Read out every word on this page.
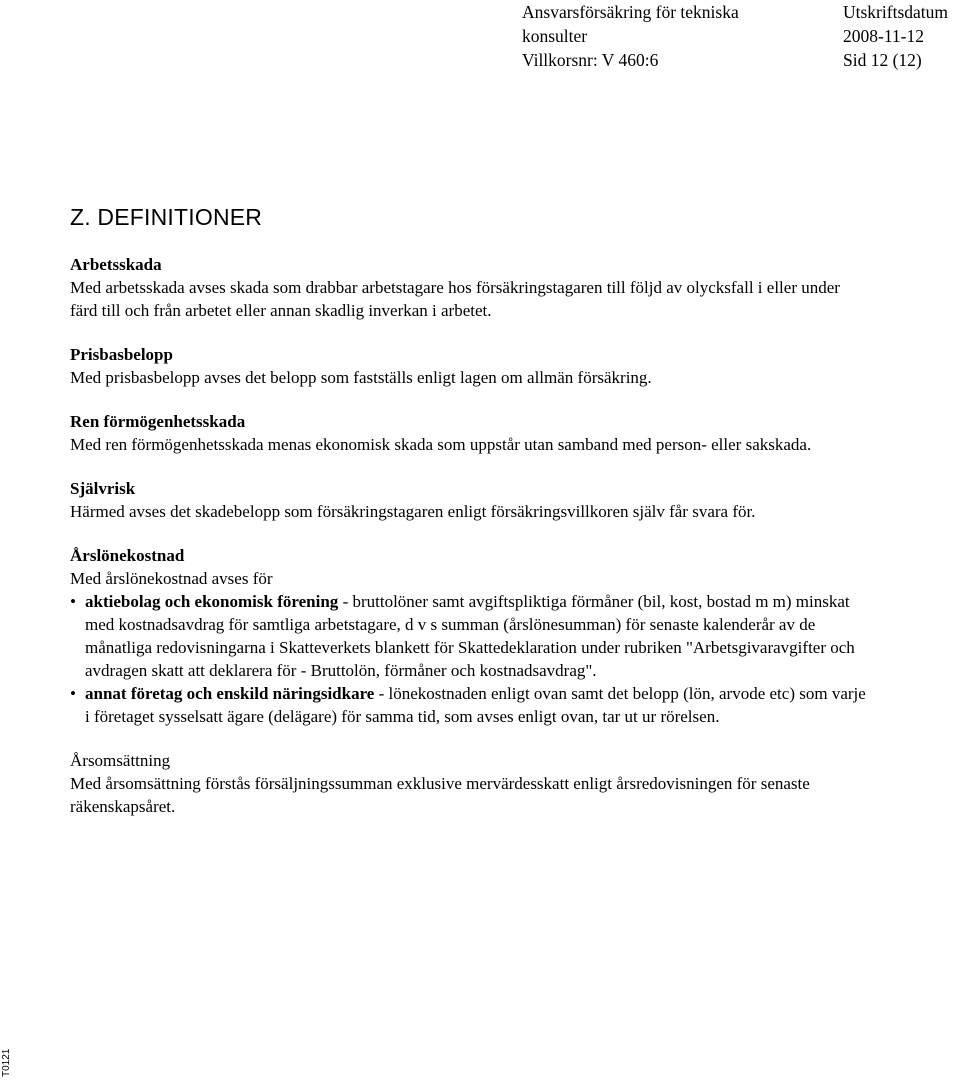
Ansvarsförsäkring för tekniska
konsulter
Villkorsnr: V 460:6
Utskriftsdatum
2008-11-12
Sid 12 (12)
Z. DEFINITIONER
Arbetsskada
Med arbetsskada avses skada som drabbar arbetstagare hos försäkringstagaren till följd av olycksfall i eller under färd till och från arbetet eller annan skadlig inverkan i arbetet.
Prisbasbelopp
Med prisbasbelopp avses det belopp som fastställs enligt lagen om allmän försäkring.
Ren förmögenhetsskada
Med ren förmögenhetsskada menas ekonomisk skada som uppstår utan samband med person- eller sakskada.
Självrisk
Härmed avses det skadebelopp som försäkringstagaren enligt försäkringsvillkoren själv får svara för.
Årslönekostnad
Med årslönekostnad avses för
• aktiebolag och ekonomisk förening - bruttolöner samt avgiftspliktiga förmåner (bil, kost, bostad m m) minskat med kostnadsavdrag för samtliga arbetstagare, d v s summan (årslönesumman) för senaste kalenderår av de månatliga redovisningarna i Skatteverkets blankett för Skattedeklaration under rubriken "Arbetsgivaravgifter och avdragen skatt att deklarera för - Bruttolön, förmåner och kostnadsavdrag".
• annat företag och enskild näringsidkare - lönekostnaden enligt ovan samt det belopp (lön, arvode etc) som varje i företaget sysselsatt ägare (delägare) för samma tid, som avses enligt ovan, tar ut ur rörelsen.
Årsomsättning
Med årsomsättning förstås försäljningssumman exklusive mervärdesskatt enligt årsredovisningen för senaste räkenskapsåret.
T0121
